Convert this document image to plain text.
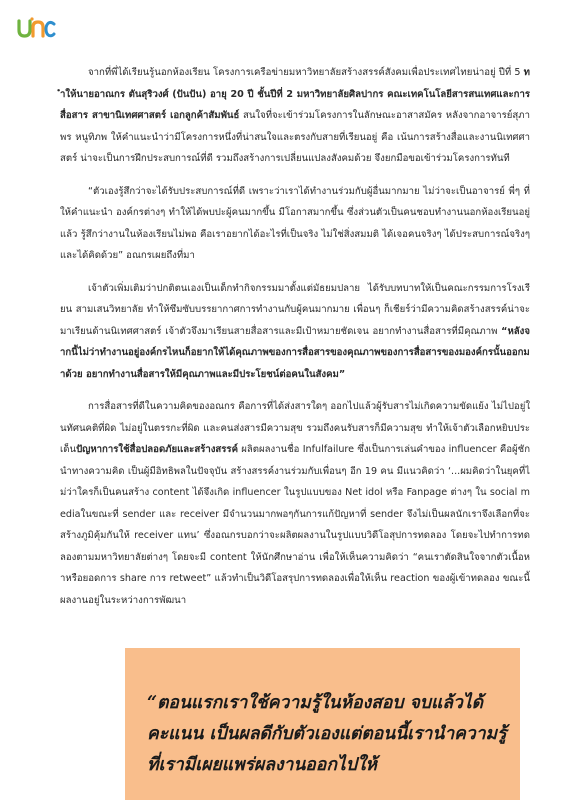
จากที่พี่ได้เรียนรู้นอกห้องเรียน โครงการเครือข่ายมหาวิทยาลัยสร้างสรรค์สังคมเพื่อประเทศไทยน่าอยู่ ปีที่ 5 ทำให้นายอาณกร ตันสุริวงศ์ (ปันปัน) อายุ 20 ปี ชั้นปีที่ 2 มหาวิทยาลัยศิลปากร คณะเทคโนโลยีสารสนเทศและการสื่อสาร สาขานิเทศศาสตร์ เอกลูกค้าสัมพันธ์ สนใจที่จะเข้าร่วมโครงการในลักษณะอาสาสมัคร หลังจากอาจารย์สุภาพร หนูทิภพ ให้คำแนะนำว่ามีโครงการหนึ่งที่น่าสนใจและตรงกับสายที่เรียนอยู่ คือ เน้นการสร้างสื่อและงานนิเทศศาสตร์ น่าจะเป็นการฝึกประสบการณ์ที่ดี รวมถึงสร้างการเปลี่ยนแปลงสังคมด้วย จึงยกมือขอเข้าร่วมโครงการทันที

“ตัวเองรู้สึกว่าจะได้รับประสบการณ์ที่ดี เพราะว่าเราได้ทำงานร่วมกับผู้อื่นมากมาย ไม่ว่าจะเป็นอาจารย์ พี่ๆ ที่ให้คำแนะนำ องค์กรต่างๆ ทำให้ได้พบปะผู้คนมากขึ้น มีโอกาสมากขึ้น ซึ่งส่วนตัวเป็นคนชอบทำงานนอกห้องเรียนอยู่แล้ว รู้สึกว่างานในห้องเรียนไม่พอ คือเราอยากได้อะไรที่เป็นจริง ไม่ใช่สิ่งสมมติ ได้เจอคนจริงๆ ได้ประสบการณ์จริงๆ และได้คิดด้วย” อณกรเผยถึงที่มา

เจ้าตัวเพิ่มเติมว่าปกติตนเองเป็นเด็กทำกิจกรรมมาตั้งแต่มัธยมปลาย ได้รับบทบาทให้เป็นคณะกรรมการโรงเรียน สามเสนวิทยาลัย ทำให้ซึมซับบรรยากาศการทำงานกับผู้คนมากมาย เพื่อนๆ ก็เชียร์ว่ามีความคิดสร้างสรรค์น่าจะมาเรียนด้านนิเทศศาสตร์ เจ้าตัวจึงมาเรียนสายสื่อสารและมีเป้าหมายชัดเจน อยากทำงานสื่อสารที่มีคุณภาพ “หลังจากนี้ไม่ว่าทำงานอยู่องค์กรไหนก็อยากให้ได้คุณภาพของการสื่อสารของคุณภาพของการสื่อสารของมองค์กรนั้นออกมาด้วย อยากทำงานสื่อสารให้มีคุณภาพและมีประโยชน์ต่อคนในสังคม”

การสื่อสารที่ดีในความคิดของอณกร คือการที่ได้ส่งสารใดๆ ออกไปแล้วผู้รับสารไม่เกิดความขัดแย้ง ไม่ไปอยู่ในทัศนคติที่ผิด ไม่อยู่ในตรรกะที่ผิด และคนส่งสารมีความสุข รวมถึงคนรับสารก็มีความสุข ทำให้เจ้าตัวเลือกหยิบประเด็นปัญหาการใช้สื่อปลอดภัยและสร้างสรรค์ ผลิตผลงานชื่อ Infulfailure ซึ่งเป็นการเล่นคำของ influencer คือผู้ชักนำทางความคิด เป็นผู้มีอิทธิพลในปัจจุบัน สร้างสรรค์งานร่วมกับเพื่อนๆ อีก 19 คน มีแนวคิดว่า ‘...ผมคิดว่าในยุคที่ไม่ว่าใครก็เป็นคนสร้าง content ได้จึงเกิด influencer ในรูปแบบของ Net idol หรือ Fanpage ต่างๆ ใน social mediaในขณะที่ sender และ receiver มีจำนวนมากพอๆกันการแก้ปัญหาที่ sender จึงไม่เป็นผลนักเราจึงเลือกที่จะสร้างภูมิคุ้มกันให้ receiver แทน’ ซึ่งอณกรบอกว่าจะผลิตผลงานในรูปแบบวิดีโอสุปการทดลอง โดยจะไปทำการทดลองตามมหาวิทยาลัยต่างๆ โดยจะมี content ให้นักศึกษาอ่าน เพื่อให้เห็นความคิดว่า “คนเราตัดสินใจจากตัวเนื้อหาหรือยอดการ share การ retweet” แล้วทำเป็นวิดีโอสรุปการทดลองเพื่อให้เห็น reaction ของผู้เข้าทดลอง ขณะนี้ผลงานอยู่ในระหว่างการพัฒนา

“ตอนแรกเราใช้ความรู้ในห้องสอบ จบแล้วได้คะแนน เป็นผลดีกับตัวเองแต่ตอนนี้เรานำความรู้ที่เรามีเผยแพร่ผลงานออกไปให้
